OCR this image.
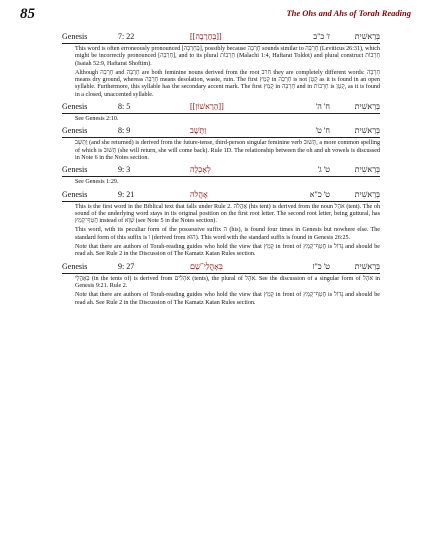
85	The Ohs and Ahs of Torah Reading
Genesis	7: 22	[[בֶּחָרָבָה]]	ז' כ"ב	בְּרֵאשִׁית

This word is often erroneously pronounced [בֶּחָרְבָה], possibly because חָרְבָה sounds similar to חָרְבָּה (Leviticus 26:31), which might be incorrectly pronounced [חָרְבָה], and to its plural חָרָבוֹת (Malachi 1:4, Haftarat Toldot) and plural construct חָרְבוֹת (Isaiah 52:9, Haftarat Shoftim).

Although חָרָבָה and חָרְבָּה are both feminine nouns derived from the root חרב they are completely different words: חָרָבָה means dry ground, whereas חָרְבָּה means desolation, waste, ruin. The first קָמַץ in חָרָבָה is not קָטָן as it is found in an open syllable. Furthermore, this syllable has the secondary accent mark. The first קָמַץ in חָרְבָּה and in חָרְבוֹת is קָטָן, as it is found in a closed, unaccented syllable.

Genesis	8: 5	[[הָרָאשׁוֹן]]	ח' ה'	בְּרֵאשִׁית

See Genesis 2:10.

Genesis	8: 9	וַתָּשָׁב	ח' ט'	בְּרֵאשִׁית

וַתָּשָׁב (and she returned) is derived from the future-tense, third-person singular feminine verb תָּשׁוּב, a more common spelling of which is תָּשׁוּב (she will return, she will come back). Rule 1D. The relationship between the oh and uh vowels is discussed in Note 6 in the Notes section.

Genesis	9: 3	לְאָכְלָה	ט' ג'	בְּרֵאשִׁית

See Genesis 1:29.

Genesis	9: 21	אָהֳלֹה	ט' כ"א	בְּרֵאשִׁית

This is the first word in the Biblical text that falls under Rule 2. אָהֳלֹה (his tent) is derived from the noun אֹהֶל (tent). The oh sound of the underlying word stays in its original position on the first root letter. The second root letter, being guttural, has חֲטַף־קָמַץ instead of שְׁוָא (see Note 5 in the Notes section).

This word, with its peculiar form of the possessive suffix ה (his), is found four times in Genesis but nowhere else. The standard form of this suffix is ו (derived from הוּא). This word with the standard suffix is found in Genesis 26:25.

Note that there are authors of Torah-reading guides who hold the view that קָמַץ in front of חֲטַף־קָמַץ is גָּדוֹל and should be read ah. See Rule 2 in the Discussion of The Kamatz Katan Rules section.

Genesis	9: 27	בְּאָהֳלֵי־שֵׁם	ט' כ"ז	בְּרֵאשִׁית

בְּאָהֳלֵי (in the tents of) is derived from אֹהָלִים (tents), the plural of אֹהֶל. See the discussion of a singular form of אֹהֶל in Genesis 9:21. Rule 2.

Note that there are authors of Torah-reading guides who hold the view that קָמַץ in front of חֲטַף־קָמַץ is גָּדוֹל and should be read ah. See Rule 2 in the Discussion of The Kamatz Katan Rules section.
